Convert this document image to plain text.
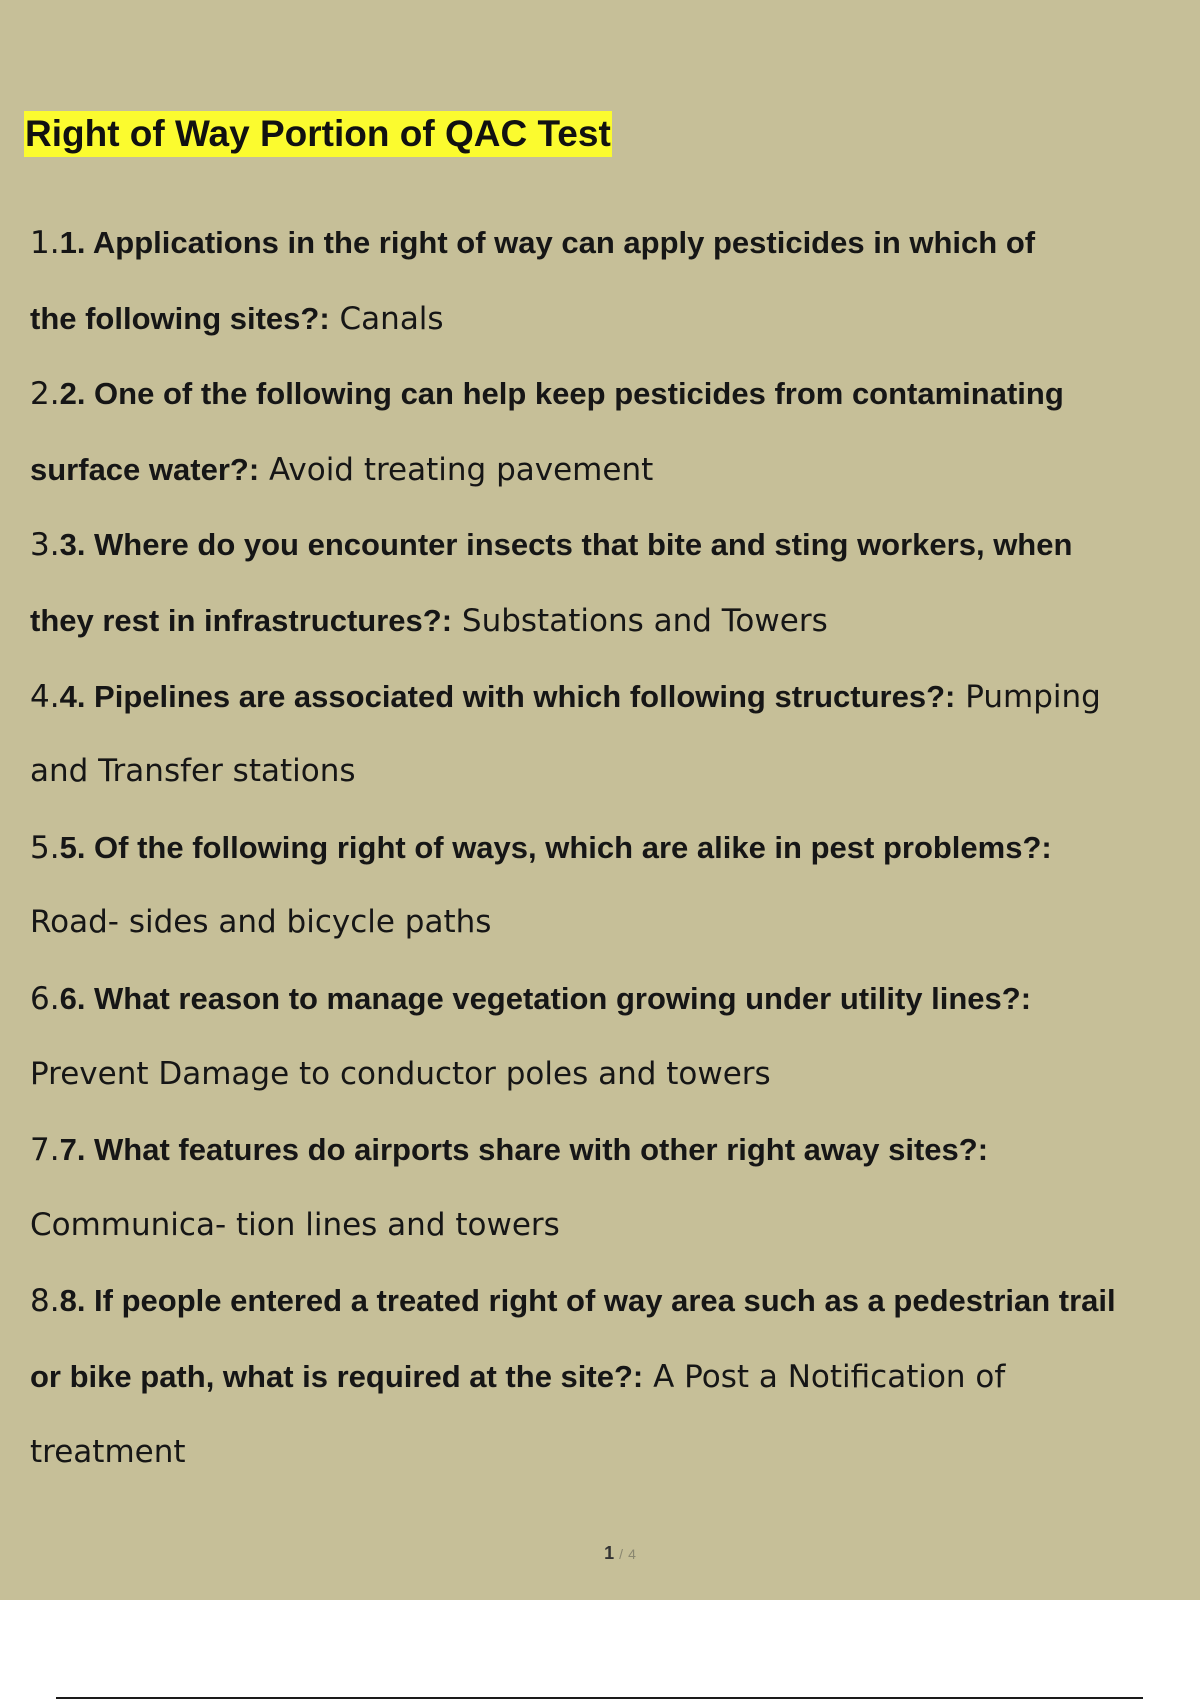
Right of Way Portion of QAC Test
1.1. Applications in the right of way can apply pesticides in which of
the following sites?: Canals
2.2. One of the following can help keep pesticides from contaminating
surface water?: Avoid treating pavement
3.3. Where do you encounter insects that bite and sting workers, when
they rest in infrastructures?: Substations and Towers
4.4. Pipelines are associated with which following structures?: Pumping
and Transfer stations
5.5. Of the following right of ways, which are alike in pest problems?:
Road- sides and bicycle paths
6.6. What reason to manage vegetation growing under utility lines?:
Prevent Damage to conductor poles and towers
7.7. What features do airports share with other right away sites?:
Communica- tion lines and towers
8.8. If people entered a treated right of way area such as a pedestrian trail
or bike path, what is required at the site?: A Post a Notification of
treatment
1 / 4
